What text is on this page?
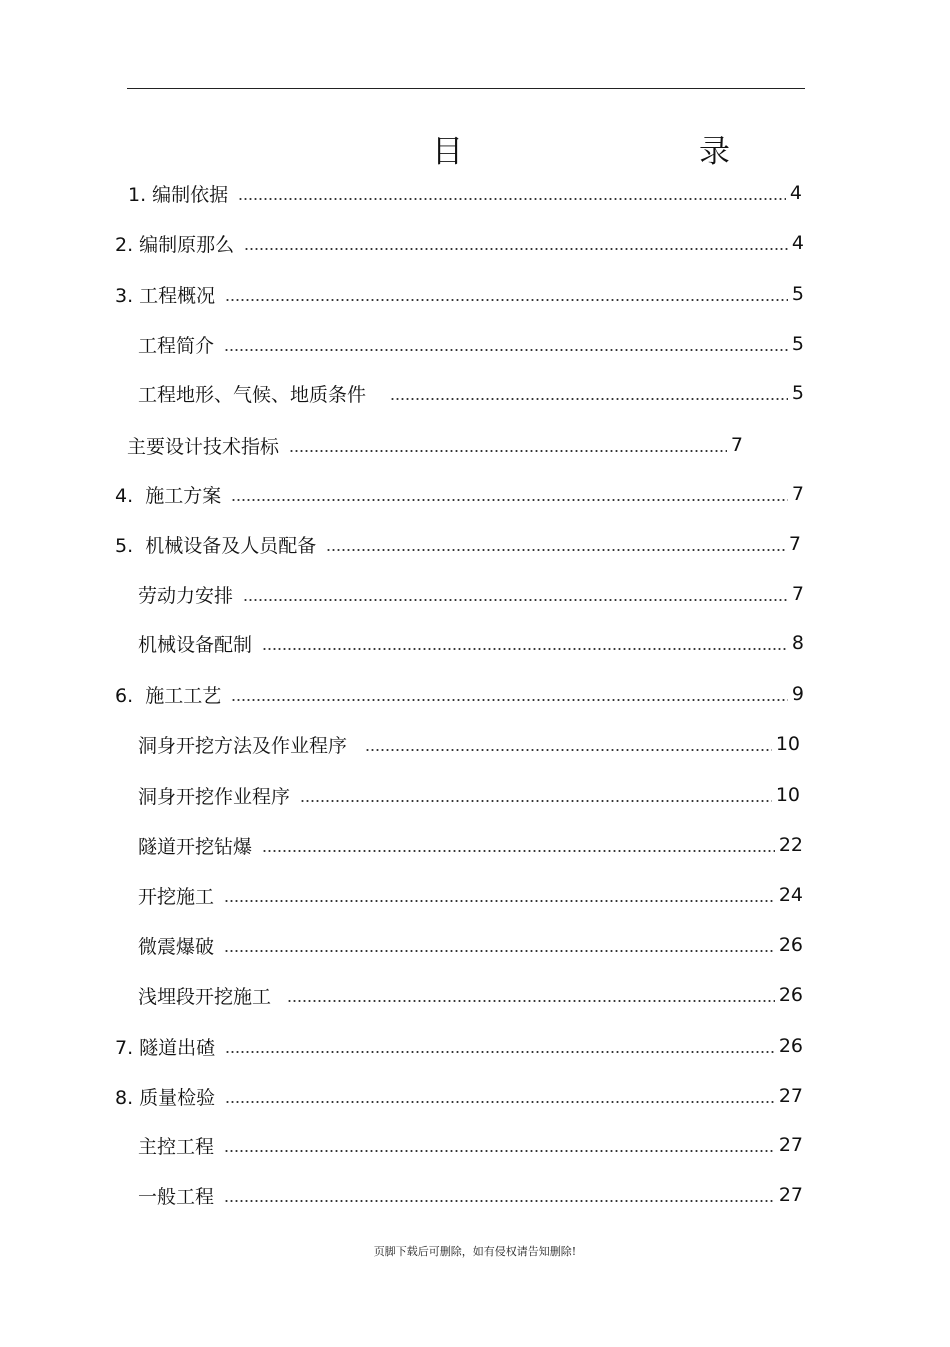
目　　录
1. 编制依据	4
2. 编制原那么	4
3. 工程概况	5
工程简介	5
工程地形、气候、地质条件	5
主要设计技术指标	7
4.  施工方案	7
5.  机械设备及人员配备	7
劳动力安排	7
机械设备配制	8
6.  施工工艺	9
洞身开挖方法及作业程序	10
洞身开挖作业程序	10
隧道开挖钻爆	22
开挖施工	24
微震爆破	26
浅埋段开挖施工	26
7. 隧道出碴	26
8. 质量检验	27
主控工程	27
一般工程	27
页脚下载后可删除，如有侵权请告知删除!
